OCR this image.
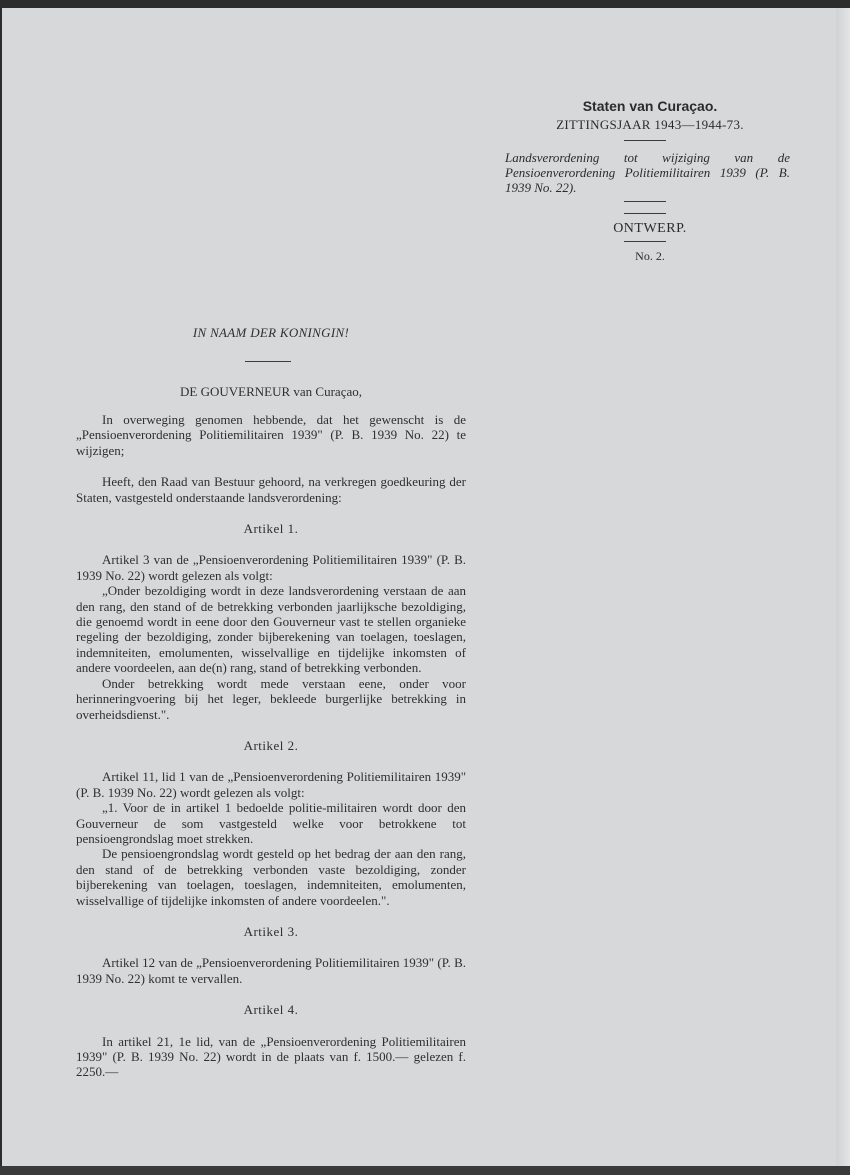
Staten van Curaçao.
ZITTINGSJAAR 1943—1944-73.
Landsverordening tot wijziging van de Pensioenverordening Politiemilitairen 1939 (P. B. 1939 No. 22).
ONTWERP.
No. 2.
IN NAAM DER KONINGIN!
DE GOUVERNEUR van Curaçao,

In overweging genomen hebbende, dat het gewenscht is de „Pensioenverordening Politiemilitairen 1939" (P. B. 1939 No. 22) te wijzigen;

Heeft, den Raad van Bestuur gehoord, na verkregen goedkeuring der Staten, vastgesteld onderstaande landsverordening:

Artikel 1.

Artikel 3 van de „Pensioenverordening Politiemilitairen 1939" (P. B. 1939 No. 22) wordt gelezen als volgt:

„Onder bezoldiging wordt in deze landsverordening verstaan de aan den rang, den stand of de betrekking verbonden jaarlijksche bezoldiging, die genoemd wordt in eene door den Gouverneur vast te stellen organieke regeling der bezoldiging, zonder bijberekening van toelagen, toeslagen, indemniteiten, emolumenten, wisselvallige en tijdelijke inkomsten of andere voordeelen, aan de(n) rang, stand of betrekking verbonden.

Onder betrekking wordt mede verstaan eene, onder voor herinneringvoering bij het leger, bekleede burgerlijke betrekking in overheidsdienst.".

Artikel 2.

Artikel 11, lid 1 van de „Pensioenverordening Politiemilitairen 1939" (P. B. 1939 No. 22) wordt gelezen als volgt:

„1. Voor de in artikel 1 bedoelde politie-militairen wordt door den Gouverneur de som vastgesteld welke voor betrokkene tot pensioengrondslag moet strekken.

De pensioengrondslag wordt gesteld op het bedrag der aan den rang, den stand of de betrekking verbonden vaste bezoldiging, zonder bijberekening van toelagen, toeslagen, indemniteiten, emolumenten, wisselvallige of tijdelijke inkomsten of andere voordeelen.".

Artikel 3.

Artikel 12 van de „Pensioenverordening Politiemilitairen 1939" (P. B. 1939 No. 22) komt te vervallen.

Artikel 4.

In artikel 21, 1e lid, van de „Pensioenverordening Politiemilitairen 1939" (P. B. 1939 No. 22) wordt in de plaats van f. 1500.— gelezen f. 2250.—
